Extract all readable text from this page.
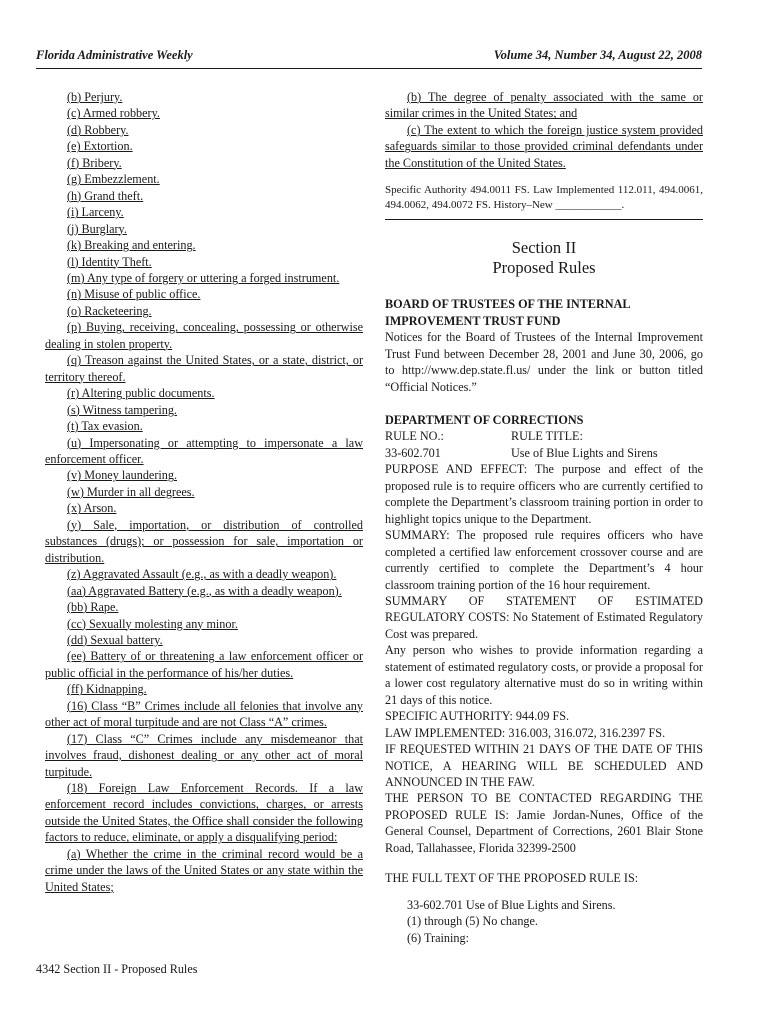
Florida Administrative Weekly	Volume 34, Number 34, August 22, 2008

(b) Perjury.

(c) Armed robbery.

(d) Robbery.

(e) Extortion.

(f) Bribery.

(g) Embezzlement.

(h) Grand theft.

(i) Larceny.

(j) Burglary.

(k) Breaking and entering.

(l) Identity Theft.

(m) Any type of forgery or uttering a forged instrument.

(n) Misuse of public office.

(o) Racketeering.

(p) Buying, receiving, concealing, possessing or otherwise dealing in stolen property.

(q) Treason against the United States, or a state, district, or territory thereof.

(r) Altering public documents.

(s) Witness tampering.

(t) Tax evasion.

(u) Impersonating or attempting to impersonate a law enforcement officer.

(v) Money laundering.

(w) Murder in all degrees.

(x) Arson.

(y) Sale, importation, or distribution of controlled substances (drugs); or possession for sale, importation or distribution.

(z) Aggravated Assault (e.g., as with a deadly weapon).

(aa) Aggravated Battery (e.g., as with a deadly weapon).

(bb) Rape.

(cc) Sexually molesting any minor.

(dd) Sexual battery.

(ee) Battery of or threatening a law enforcement officer or public official in the performance of his/her duties.

(ff) Kidnapping.

(16) Class “B” Crimes include all felonies that involve any other act of moral turpitude and are not Class “A” crimes.

(17) Class “C” Crimes include any misdemeanor that involves fraud, dishonest dealing or any other act of moral turpitude.

(18) Foreign Law Enforcement Records. If a law enforcement record includes convictions, charges, or arrests outside the United States, the Office shall consider the following factors to reduce, eliminate, or apply a disqualifying period:

(a) Whether the crime in the criminal record would be a crime under the laws of the United States or any state within the United States;

(b) The degree of penalty associated with the same or similar crimes in the United States; and

(c) The extent to which the foreign justice system provided safeguards similar to those provided criminal defendants under the Constitution of the United States.

Specific Authority 494.0011 FS. Law Implemented 112.011, 494.0061, 494.0062, 494.0072 FS. History–New ____________.

Section II
Proposed Rules

BOARD OF TRUSTEES OF THE INTERNAL

IMPROVEMENT TRUST FUND

Notices for the Board of Trustees of the Internal Improvement Trust Fund between December 28, 2001 and June 30, 2006, go to http://www.dep.state.fl.us/ under the link or button titled “Official Notices.”

DEPARTMENT OF CORRECTIONS

RULE NO.:	RULE TITLE:
33-602.701	Use of Blue Lights and Sirens

PURPOSE AND EFFECT: The purpose and effect of the proposed rule is to require officers who are currently certified to complete the Department’s classroom training portion in order to highlight topics unique to the Department.

SUMMARY: The proposed rule requires officers who have completed a certified law enforcement crossover course and are currently certified to complete the Department’s 4 hour classroom training portion of the 16 hour requirement.

SUMMARY OF STATEMENT OF ESTIMATED REGULATORY COSTS: No Statement of Estimated Regulatory Cost was prepared.

Any person who wishes to provide information regarding a statement of estimated regulatory costs, or provide a proposal for a lower cost regulatory alternative must do so in writing within 21 days of this notice.

SPECIFIC AUTHORITY: 944.09 FS.

LAW IMPLEMENTED: 316.003, 316.072, 316.2397 FS.

IF REQUESTED WITHIN 21 DAYS OF THE DATE OF THIS NOTICE, A HEARING WILL BE SCHEDULED AND ANNOUNCED IN THE FAW.

THE PERSON TO BE CONTACTED REGARDING THE PROPOSED RULE IS: Jamie Jordan-Nunes, Office of the General Counsel, Department of Corrections, 2601 Blair Stone Road, Tallahassee, Florida 32399-2500

THE FULL TEXT OF THE PROPOSED RULE IS:

33-602.701 Use of Blue Lights and Sirens.

(1) through (5) No change.

(6) Training:

4342 Section II - Proposed Rules
